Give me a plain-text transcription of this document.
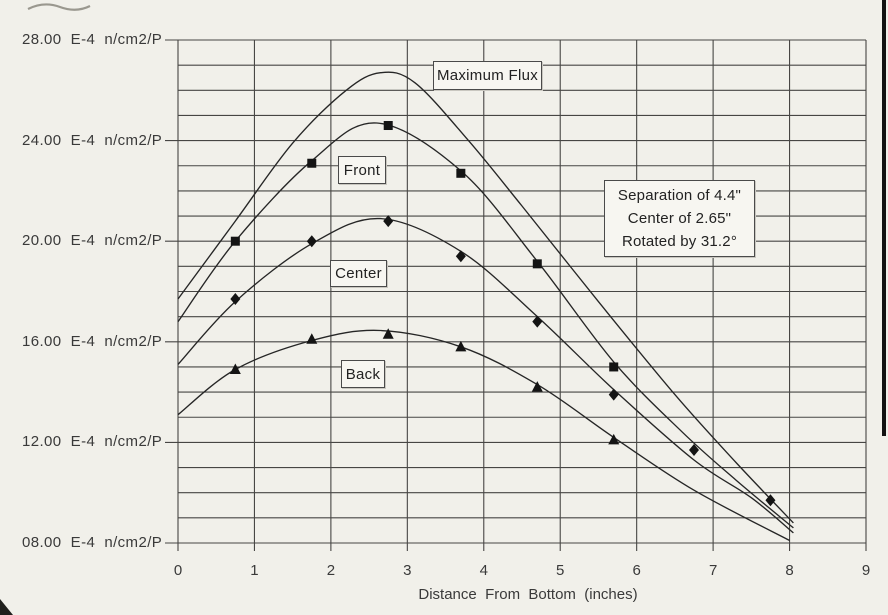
28.00  E-4  n/cm2/P
24.00  E-4  n/cm2/P
20.00  E-4  n/cm2/P
16.00  E-4  n/cm2/P
12.00  E-4  n/cm2/P
08.00  E-4  n/cm2/P
0	1	2	3	4	5	6	7	8	9
Distance  From  Bottom  (inches)
Maximum Flux
Front
Center
Back
Separation of 4.4"
Center of 2.65"
Rotated by 31.2°
